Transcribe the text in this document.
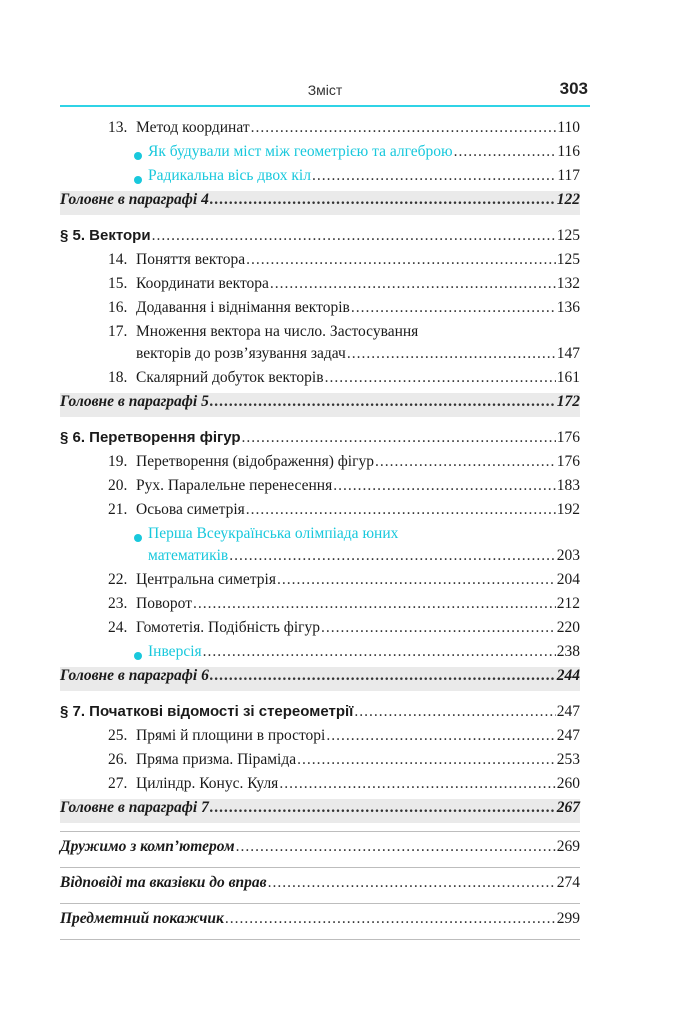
Зміст	303
13. Метод координат .....	110
Як будували міст між геометрією та алгеброю .....	116
Радикальна вісь двох кіл .....	117
Головне в параграфі 4 .....	122
§ 5. Вектори .....	125
14. Поняття вектора .....	125
15. Координати вектора .....	132
16. Додавання і віднімання векторів .....	136
17. Множення вектора на число. Застосування
векторів до розв’язування задач .....	147
18. Скалярний добуток векторів .....	161
Головне в параграфі 5 .....	172
§ 6. Перетворення фігур .....	176
19. Перетворення (відображення) фігур .....	176
20. Рух. Паралельне перенесення .....	183
21. Осьова симетрія .....	192
Перша Всеукраїнська олімпіада юних
математиків .....	203
22. Центральна симетрія .....	204
23. Поворот .....	212
24. Гомотетія. Подібність фігур .....	220
Інверсія .....	238
Головне в параграфі 6 .....	244
§ 7. Початкові відомості зі стереометрії .....	247
25. Прямі й площини в просторі .....	247
26. Пряма призма. Піраміда .....	253
27. Циліндр. Конус. Куля .....	260
Головне в параграфі 7 .....	267
Дружимо з комп’ютером .....	269
Відповіді та вказівки до вправ .....	274
Предметний покажчик .....	299
